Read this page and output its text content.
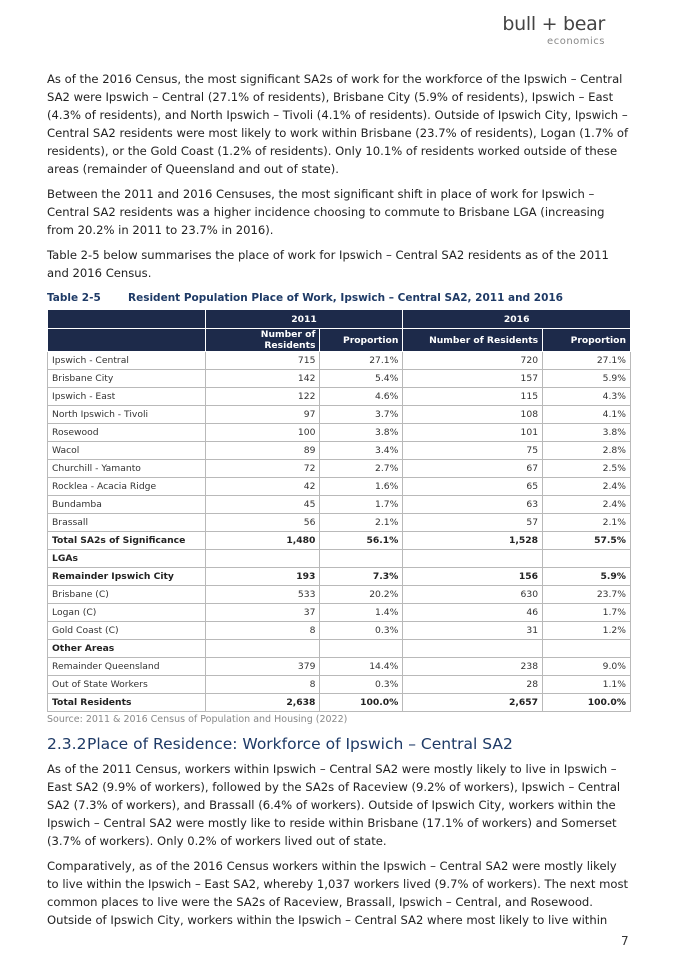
bull + bear
economics

As of the 2016 Census, the most significant SA2s of work for the workforce of the Ipswich – Central SA2 were Ipswich – Central (27.1% of residents), Brisbane City (5.9% of residents), Ipswich – East (4.3% of residents), and North Ipswich – Tivoli (4.1% of residents). Outside of Ipswich City, Ipswich – Central SA2 residents were most likely to work within Brisbane (23.7% of residents), Logan (1.7% of residents), or the Gold Coast (1.2% of residents). Only 10.1% of residents worked outside of these areas (remainder of Queensland and out of state).

Between the 2011 and 2016 Censuses, the most significant shift in place of work for Ipswich – Central SA2 residents was a higher incidence choosing to commute to Brisbane LGA (increasing from 20.2% in 2011 to 23.7% in 2016).

Table 2-5 below summarises the place of work for Ipswich – Central SA2 residents as of the 2011 and 2016 Census.

Table 2-5	Resident Population Place of Work, Ipswich – Central SA2, 2011 and 2016
	2011		2016	
	Number of Residents	Proportion	Number of Residents	Proportion
Ipswich - Central	715	27.1%	720	27.1%
Brisbane City	142	5.4%	157	5.9%
Ipswich - East	122	4.6%	115	4.3%
North Ipswich - Tivoli	97	3.7%	108	4.1%
Rosewood	100	3.8%	101	3.8%
Wacol	89	3.4%	75	2.8%
Churchill - Yamanto	72	2.7%	67	2.5%
Rocklea - Acacia Ridge	42	1.6%	65	2.4%
Bundamba	45	1.7%	63	2.4%
Brassall	56	2.1%	57	2.1%
Total SA2s of Significance	1,480	56.1%	1,528	57.5%
LGAs				
Remainder Ipswich City	193	7.3%	156	5.9%
Brisbane (C)	533	20.2%	630	23.7%
Logan (C)	37	1.4%	46	1.7%
Gold Coast (C)	8	0.3%	31	1.2%
Other Areas				
Remainder Queensland	379	14.4%	238	9.0%
Out of State Workers	8	0.3%	28	1.1%
Total Residents	2,638	100.0%	2,657	100.0%
Source: 2011 & 2016 Census of Population and Housing (2022)
2.3.2Place of Residence: Workforce of Ipswich – Central SA2

As of the 2011 Census, workers within Ipswich – Central SA2 were mostly likely to live in Ipswich – East SA2 (9.9% of workers), followed by the SA2s of Raceview (9.2% of workers), Ipswich – Central SA2 (7.3% of workers), and Brassall (6.4% of workers). Outside of Ipswich City, workers within the Ipswich – Central SA2 were mostly like to reside within Brisbane (17.1% of workers) and Somerset (3.7% of workers). Only 0.2% of workers lived out of state.

Comparatively, as of the 2016 Census workers within the Ipswich – Central SA2 were mostly likely to live within the Ipswich – East SA2, whereby 1,037 workers lived (9.7% of workers). The next most common places to live were the SA2s of Raceview, Brassall, Ipswich – Central, and Rosewood. Outside of Ipswich City, workers within the Ipswich – Central SA2 where most likely to live within

7
